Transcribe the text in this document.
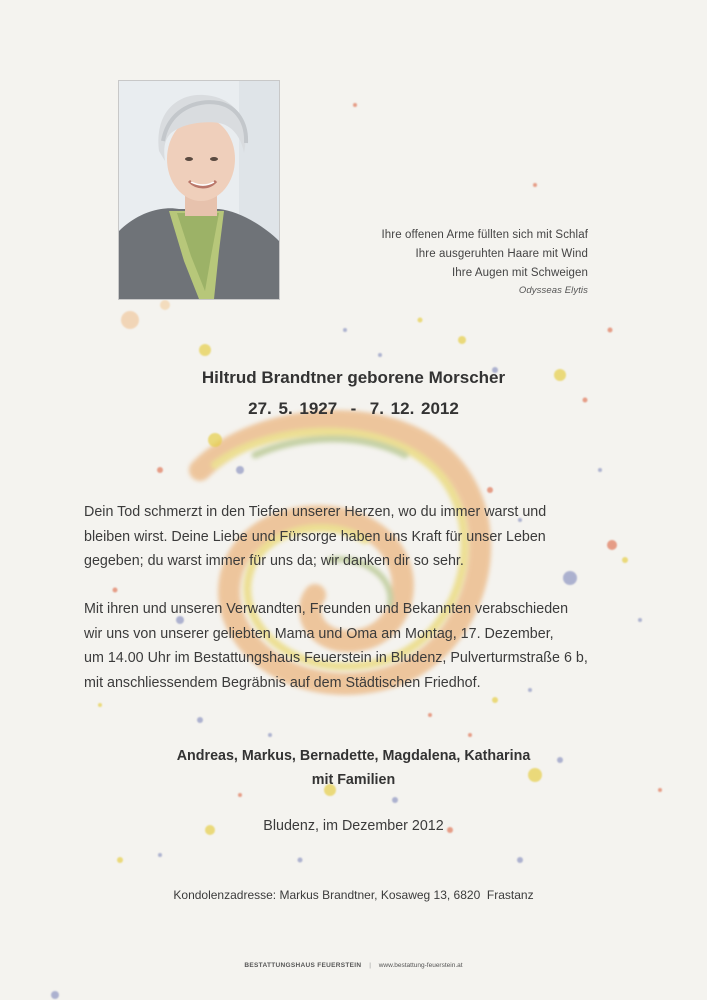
Ihre offenen Arme füllten sich mit Schlaf
Ihre ausgeruhten Haare mit Wind
Ihre Augen mit Schweigen
Odysseas Elytis
Hiltrud Brandtner geborene Morscher
27. 5. 1927  -  7. 12. 2012
Dein Tod schmerzt in den Tiefen unserer Herzen, wo du immer warst und
bleiben wirst. Deine Liebe und Fürsorge haben uns Kraft für unser Leben
gegeben; du warst immer für uns da; wir danken dir so sehr.
Mit ihren und unseren Verwandten, Freunden und Bekannten verabschieden
wir uns von unserer geliebten Mama und Oma am Montag, 17. Dezember,
um 14.00 Uhr im Bestattungshaus Feuerstein in Bludenz, Pulverturmstraße 6 b,
mit anschliessendem Begräbnis auf dem Städtischen Friedhof.
Andreas, Markus, Bernadette, Magdalena, Katharina
mit Familien
Bludenz, im Dezember 2012
Kondolenzadresse: Markus Brandtner, Kosaweg 13, 6820  Frastanz
BESTATTUNGSHAUS FEUERSTEIN | www.bestattung-feuerstein.at
